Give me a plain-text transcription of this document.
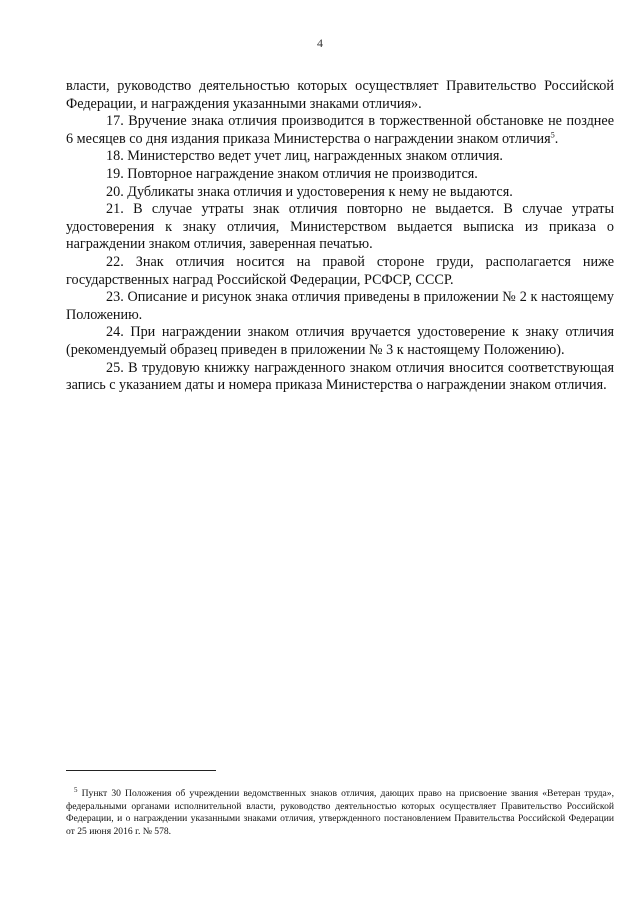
4

власти, руководство деятельностью которых осуществляет Правительство Российской Федерации, и награждения указанными знаками отличия».

17. Вручение знака отличия производится в торжественной обстановке не позднее 6 месяцев со дня издания приказа Министерства о награждении знаком отличия$^5$.

18. Министерство ведет учет лиц, награжденных знаком отличия.

19. Повторное награждение знаком отличия не производится.

20. Дубликаты знака отличия и удостоверения к нему не выдаются.

21. В случае утраты знак отличия повторно не выдается. В случае утраты удостоверения к знаку отличия, Министерством выдается выписка из приказа о награждении знаком отличия, заверенная печатью.

22. Знак отличия носится на правой стороне груди, располагается ниже государственных наград Российской Федерации, РСФСР, СССР.

23. Описание и рисунок знака отличия приведены в приложении № 2 к настоящему Положению.

24. При награждении знаком отличия вручается удостоверение к знаку отличия (рекомендуемый образец приведен в приложении № 3 к настоящему Положению).

25. В трудовую книжку награжденного знаком отличия вносится соответствующая запись с указанием даты и номера приказа Министерства о награждении знаком отличия.

$^5$ Пункт 30 Положения об учреждении ведомственных знаков отличия, дающих право на присвоение звания «Ветеран труда», федеральными органами исполнительной власти, руководство деятельностью которых осуществляет Правительство Российской Федерации, и о награждении указанными знаками отличия, утвержденного постановлением Правительства Российской Федерации от 25 июня 2016 г. № 578.
